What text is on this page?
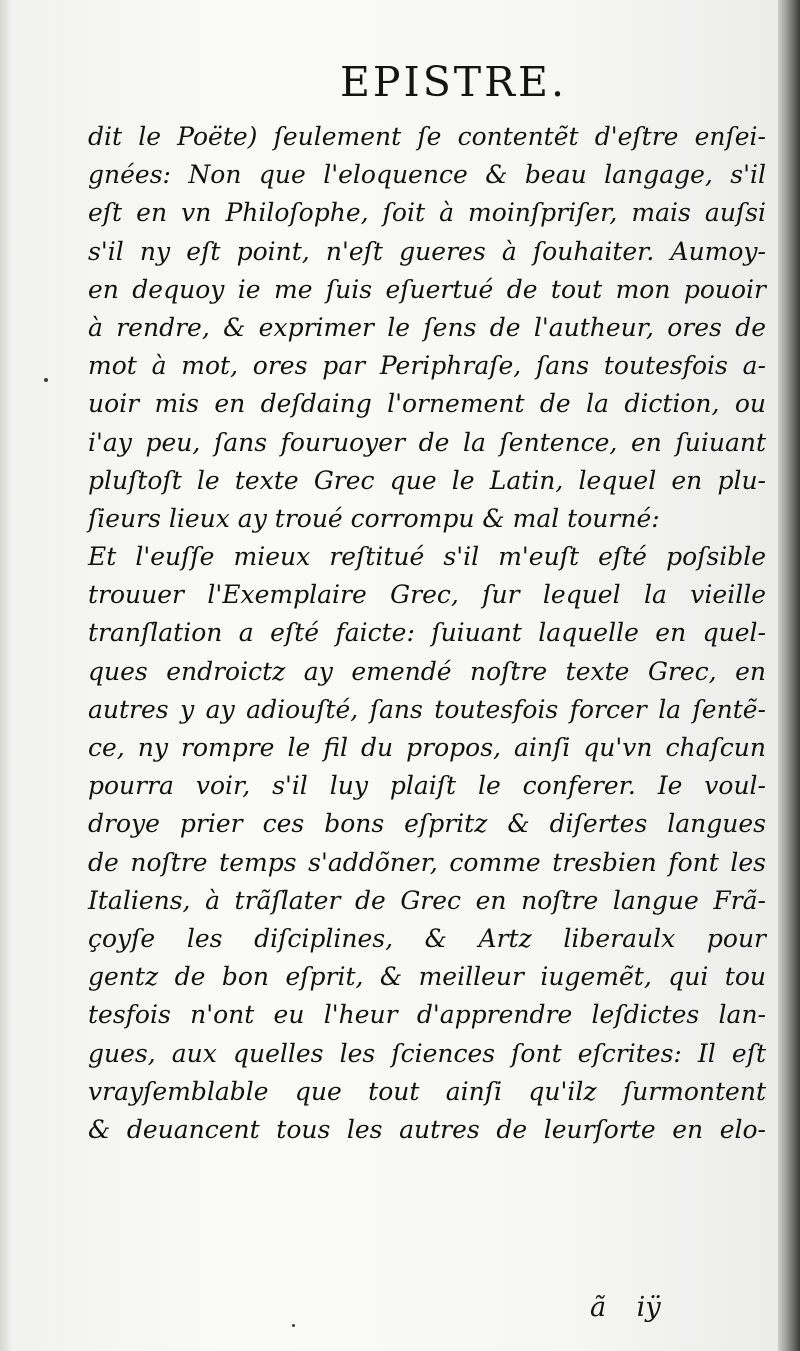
EPISTRE.
dit le Poëte) ſeulement ſe contentẽt d'eſtre enſei-
gnées: Non que l'eloquence & beau langage, s'il
eſt en vn Philoſophe, ſoit à moinſpriſer, mais auſsi
s'il ny eſt point, n'eſt gueres à ſouhaiter. Aumoy-
en dequoy ie me ſuis eſuertué de tout mon pouoir
à rendre, & exprimer le ſens de l'autheur, ores de
mot à mot, ores par Periphraſe, ſans toutesfois a-
uoir mis en deſdaing l'ornement de la diction, ou
i'ay peu, ſans fouruoyer de la ſentence, en ſuiuant
pluſtoſt le texte Grec que le Latin, lequel en plu-
ſieurs lieux ay troué corrompu & mal tourné:
Et l'euſſe mieux reſtitué s'il m'euſt eſté poſsible
trouuer l'Exemplaire Grec, ſur lequel la vieille
tranſlation a eſté faicte: ſuiuant laquelle en quel-
ques endroictz ay emendé noſtre texte Grec, en
autres y ay adiouſté, ſans toutesfois forcer la ſentẽ-
ce, ny rompre le fil du propos, ainſi qu'vn chaſcun
pourra voir, s'il luy plaiſt le conferer. Ie voul-
droye prier ces bons eſpritz & diſertes langues
de noſtre temps s'addõner, comme tresbien font les
Italiens, à trãſlater de Grec en noſtre langue Frã-
çoyſe les diſciplines, & Artz liberaulx pour
gentz de bon eſprit, & meilleur iugemẽt, qui tou
tesfois n'ont eu l'heur d'apprendre leſdictes lan-
gues, aux quelles les ſciences ſont eſcrites: Il eſt
vrayſemblable que tout ainſi qu'ilz ſurmontent
& deuancent tous les autres de leurſorte en elo-
ã iÿ
